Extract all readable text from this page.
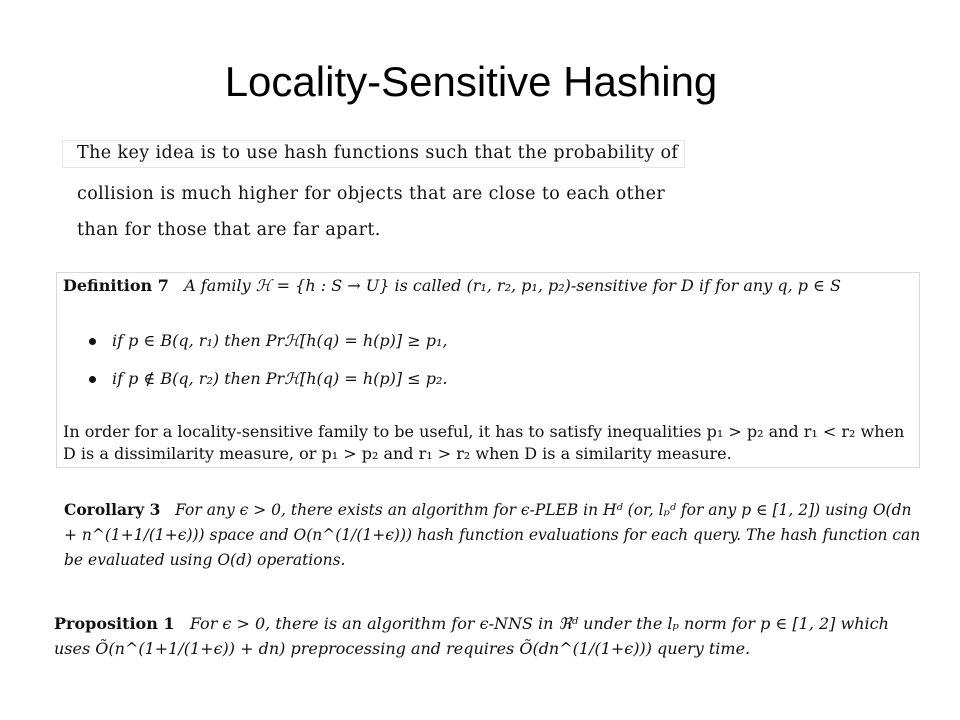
Locality-Sensitive Hashing
The key idea is to use hash functions such that the probability of
collision is much higher for objects that are close to each other
than for those that are far apart.
Definition 7 A family ℋ = {h : S → U} is called (r₁, r₂, p₁, p₂)-sensitive for D if for any q, p ∈ S
if p ∈ B(q, r₁) then Prℋ[h(q) = h(p)] ≥ p₁,
if p ∉ B(q, r₂) then Prℋ[h(q) = h(p)] ≤ p₂.
In order for a locality-sensitive family to be useful, it has to satisfy inequalities p₁ > p₂ and r₁ < r₂ when D is a dissimilarity measure, or p₁ > p₂ and r₁ > r₂ when D is a similarity measure.
Corollary 3 For any ϵ > 0, there exists an algorithm for ϵ-PLEB in Hᵈ (or, lₚᵈ for any p ∈ [1, 2]) using O(dn + n^(1+1/(1+ϵ))) space and O(n^(1/(1+ϵ))) hash function evaluations for each query. The hash function can be evaluated using O(d) operations.
Proposition 1 For ϵ > 0, there is an algorithm for ϵ-NNS in ℜᵈ under the lₚ norm for p ∈ [1, 2] which uses Õ(n^(1+1/(1+ϵ)) + dn) preprocessing and requires Õ(dn^(1/(1+ϵ))) query time.
